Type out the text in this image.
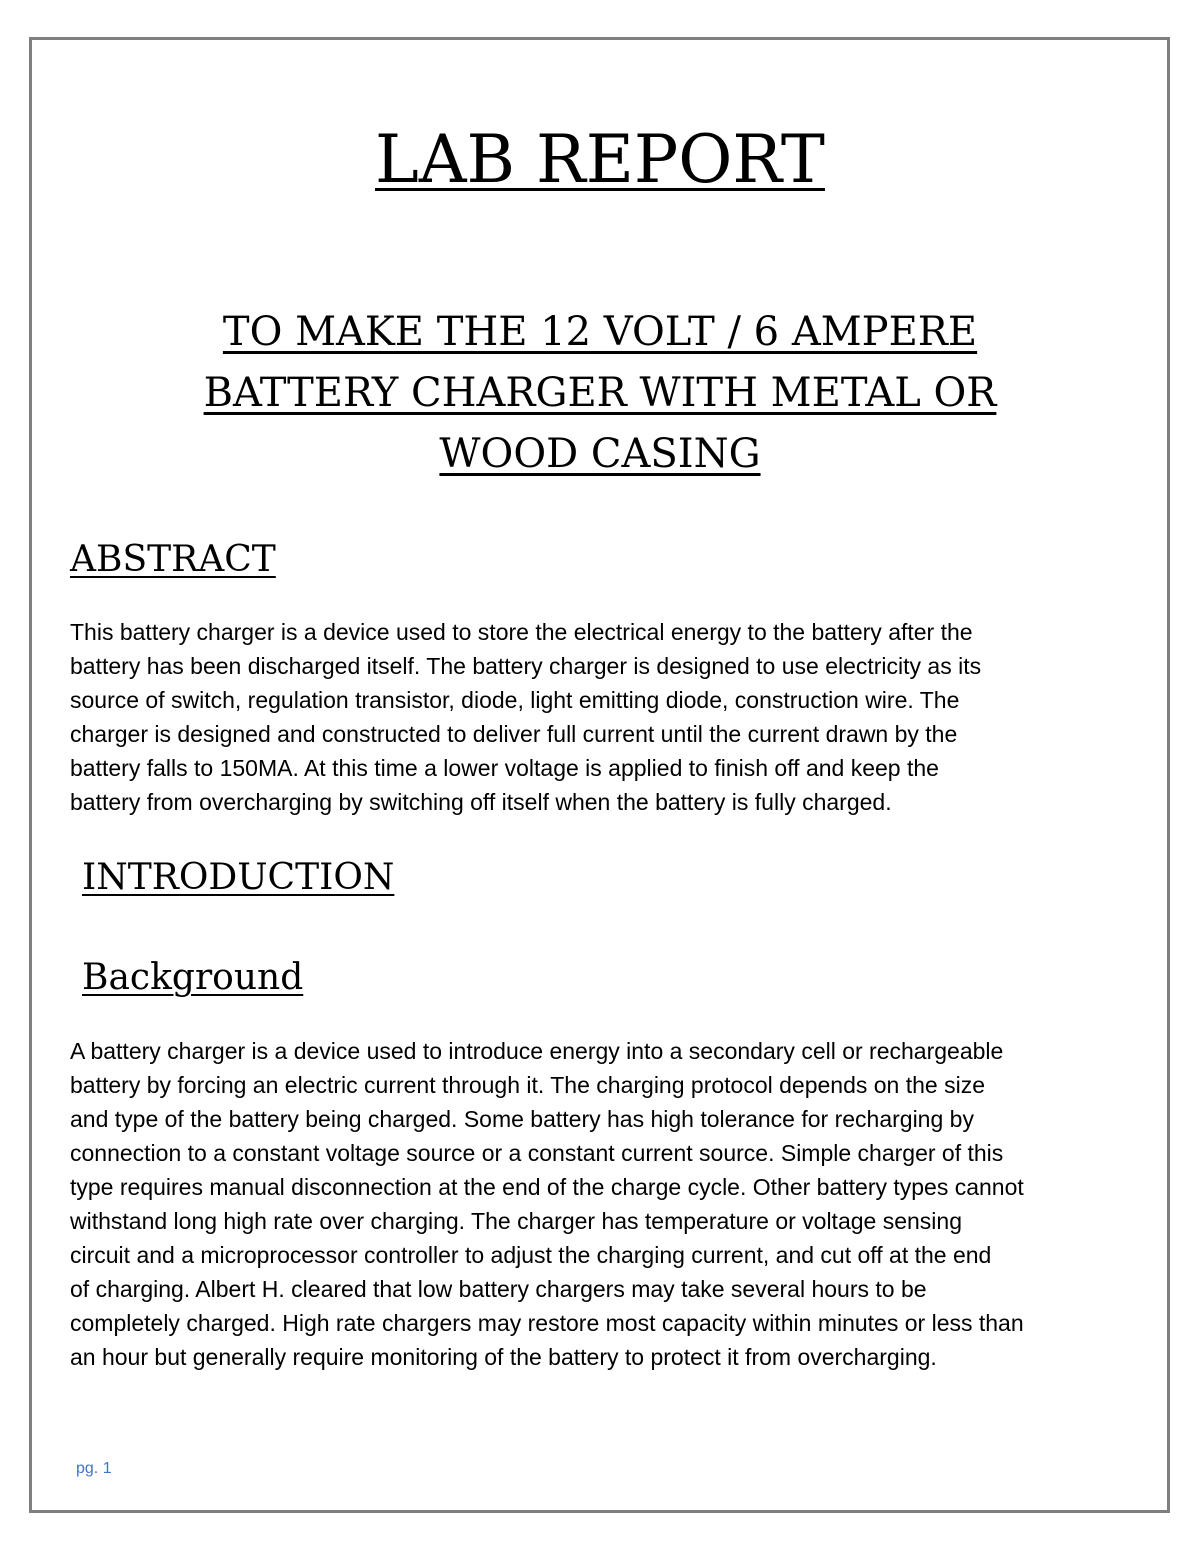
LAB REPORT
TO MAKE THE 12 VOLT / 6 AMPERE
BATTERY CHARGER WITH METAL OR
WOOD CASING
ABSTRACT

This battery charger is a device used to store the electrical energy to the battery after the
battery has been discharged itself. The battery charger is designed to use electricity as its
source of switch, regulation transistor, diode, light emitting diode, construction wire. The
charger is designed and constructed to deliver full current until the current drawn by the
battery falls to 150MA. At this time a lower voltage is applied to finish off and keep the
battery from overcharging by switching off itself when the battery is fully charged.

INTRODUCTION
Background

A battery charger is a device used to introduce energy into a secondary cell or rechargeable
battery by forcing an electric current through it. The charging protocol depends on the size
and type of the battery being charged. Some battery has high tolerance for recharging by
connection to a constant voltage source or a constant current source. Simple charger of this
type requires manual disconnection at the end of the charge cycle. Other battery types cannot
withstand long high rate over charging. The charger has temperature or voltage sensing
circuit and a microprocessor controller to adjust the charging current, and cut off at the end
of charging. Albert H. cleared that low battery chargers may take several hours to be
completely charged. High rate chargers may restore most capacity within minutes or less than
an hour but generally require monitoring of the battery to protect it from overcharging.

pg. 1
